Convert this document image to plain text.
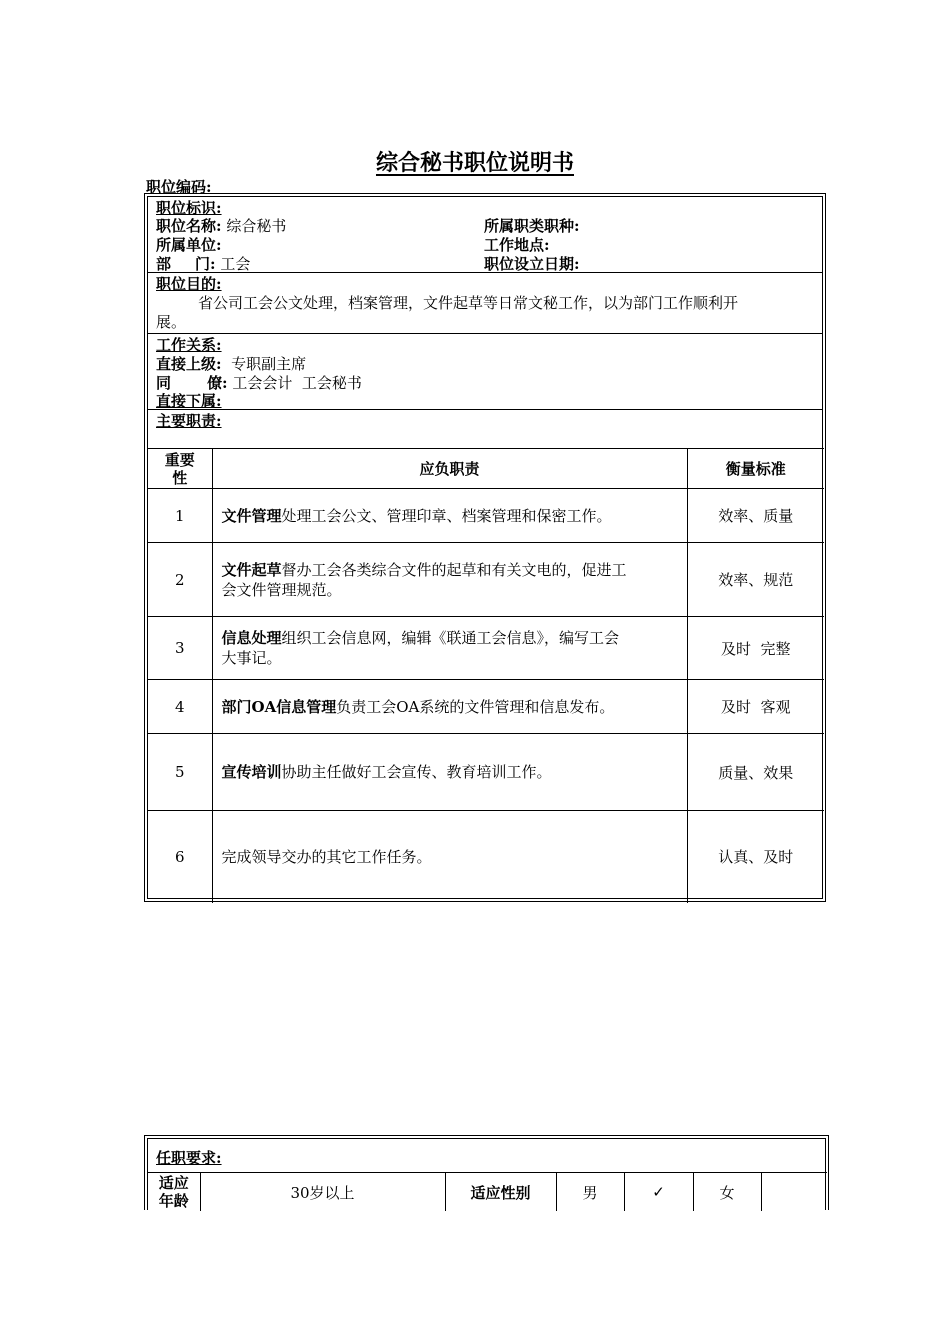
综合秘书职位说明书
职位编码:
职位标识:
职位名称: 综合秘书	所属职类职种:
所属单位:	工作地点:
部 门: 工会	职位设立日期:
职位目的:
省公司工会公文处理，档案管理，文件起草等日常文秘工作，以为部门工作顺利开
展。
工作关系:
直接上级: 专职副主席
同 僚: 工会会计  工会秘书
直接下属:
主要职责:
重要
性	应负职责	衡量标准
1	文件管理处理工会公文、管理印章、档案管理和保密工作。	效率、质量
2	文件起草督办工会各类综合文件的起草和有关文电的，促进工
会文件管理规范。	效率、规范
3	信息处理组织工会信息网，编辑《联通工会信息》，编写工会
大事记。	及时  完整
4	部门OA信息管理负责工会OA系统的文件管理和信息发布。	及时  客观
5	宣传培训协助主任做好工会宣传、教育培训工作。	质量、效果
6	完成领导交办的其它工作任务。	认真、及时
任职要求:
适应
年龄	30岁以上	适应性别	男	✓	女	
